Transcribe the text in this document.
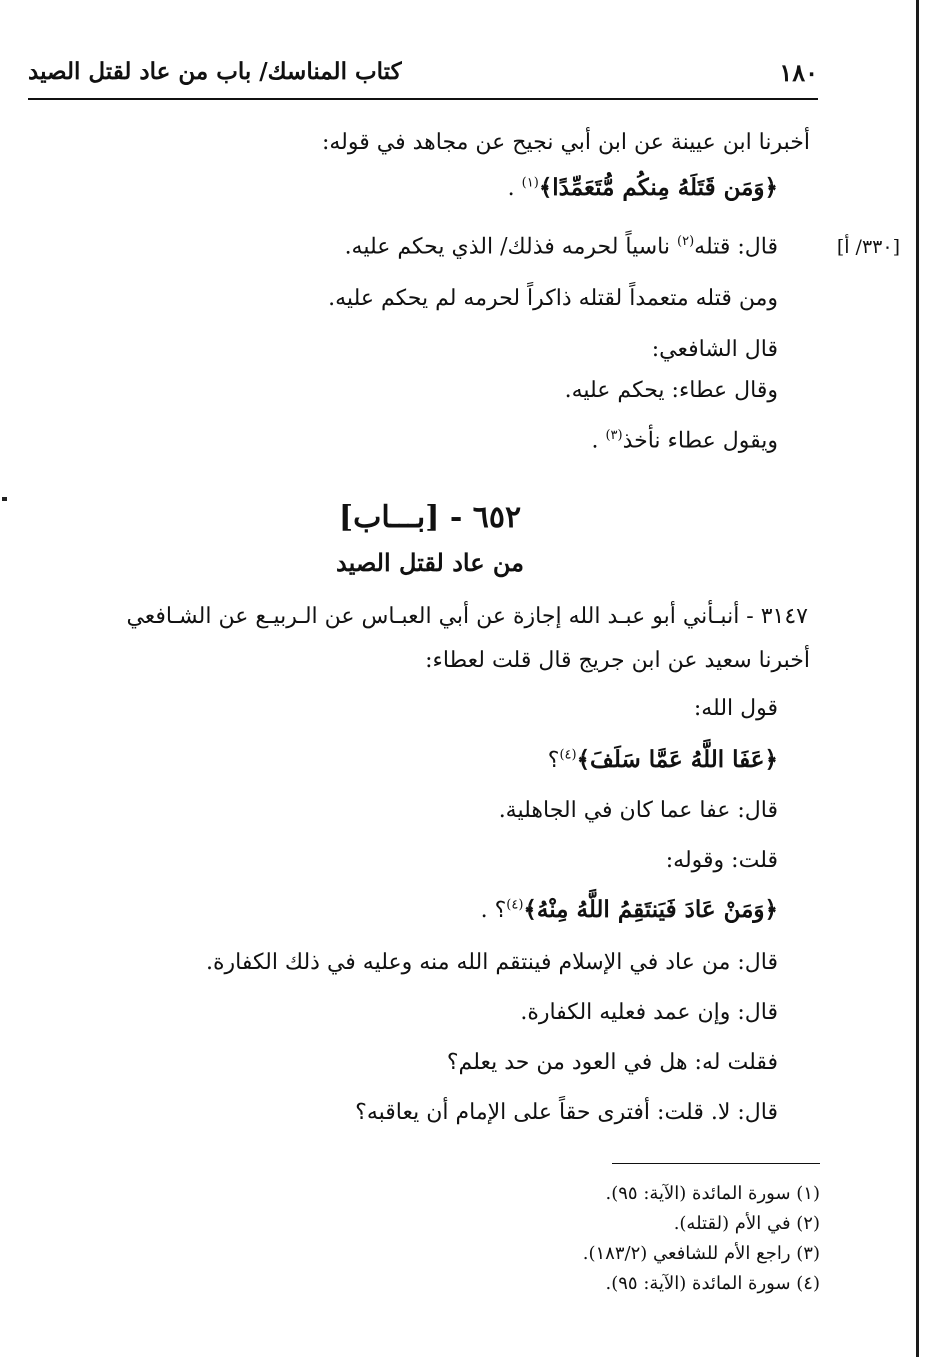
كتاب المناسك/ باب من عاد لقتل الصيد	١٨٠
[٣٣٠/ أ]
أخبرنا ابن عيينة عن ابن أبي نجيح عن مجاهد في قوله:
﴿وَمَن قَتَلَهُ مِنكُم مُّتَعَمِّدًا﴾$^{(١)}$ .
قال: قتله$^{(٢)}$ ناسياً لحرمه فذلك/ الذي يحكم عليه.
ومن قتله متعمداً لقتله ذاكراً لحرمه لم يحكم عليه.
قال الشافعي:
وقال عطاء: يحكم عليه.
ويقول عطاء نأخذ$^{(٣)}$ .
٦٥٢ - [بـــاب]
من عاد لقتل الصيد
٣١٤٧ - أنبـأني أبو عبـد الله إجازة عن أبي العبـاس عن الـربيـع عن الشـافعي
أخبرنا سعيد عن ابن جريج قال قلت لعطاء:
قول الله:
﴿عَفَا اللَّهُ عَمَّا سَلَفَ﴾$^{(٤)}$؟
قال: عفا عما كان في الجاهلية.
قلت: وقوله:
﴿وَمَنْ عَادَ فَيَنتَقِمُ اللَّهُ مِنْهُ﴾$^{(٤)}$؟ .
قال: من عاد في الإسلام فينتقم الله منه وعليه في ذلك الكفارة.
قال: وإن عمد فعليه الكفارة.
فقلت له: هل في العود من حد يعلم؟
قال: لا. قلت: أفترى حقاً على الإمام أن يعاقبه؟
(١) سورة المائدة (الآية: ٩٥).
(٢) في الأم (لقتله).
(٣) راجع الأم للشافعي (١٨٣/٢).
(٤) سورة المائدة (الآية: ٩٥).
